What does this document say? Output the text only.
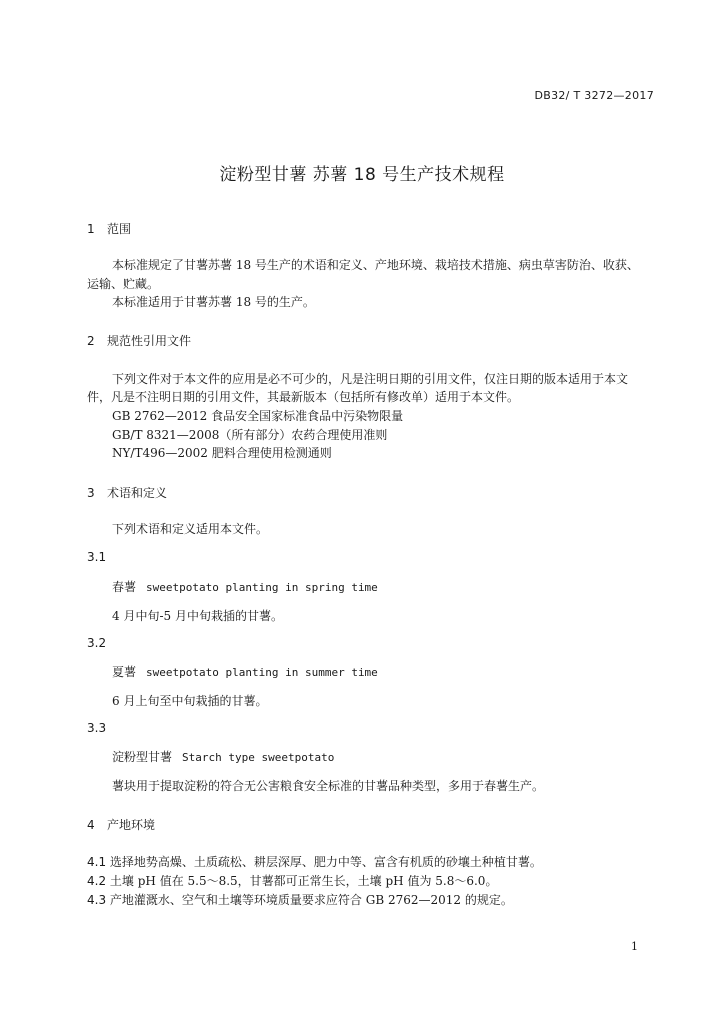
DB32/ T 3272—2017
淀粉型甘薯 苏薯 18 号生产技术规程
1 范围
本标准规定了甘薯苏薯 18 号生产的术语和定义、产地环境、栽培技术措施、病虫草害防治、收获、
运输、贮藏。
本标准适用于甘薯苏薯 18 号的生产。
2 规范性引用文件
下列文件对于本文件的应用是必不可少的，凡是注明日期的引用文件，仅注日期的版本适用于本文
件，凡是不注明日期的引用文件，其最新版本（包括所有修改单）适用于本文件。
GB 2762—2012 食品安全国家标准食品中污染物限量
GB/T 8321—2008（所有部分）农药合理使用准则
NY/T496—2002 肥料合理使用检测通则
3 术语和定义
下列术语和定义适用本文件。
3.1
春薯 sweetpotato planting in spring time
4 月中旬-5 月中旬栽插的甘薯。
3.2
夏薯 sweetpotato planting in summer time
6 月上旬至中旬栽插的甘薯。
3.3
淀粉型甘薯 Starch type sweetpotato
薯块用于提取淀粉的符合无公害粮食安全标准的甘薯品种类型，多用于春薯生产。
4 产地环境
4.1 选择地势高燥、土质疏松、耕层深厚、肥力中等、富含有机质的砂壤土种植甘薯。
4.2 土壤 pH 值在 5.5～8.5，甘薯都可正常生长，土壤 pH 值为 5.8～6.0。
4.3 产地灌溉水、空气和土壤等环境质量要求应符合 GB 2762—2012 的规定。
1
